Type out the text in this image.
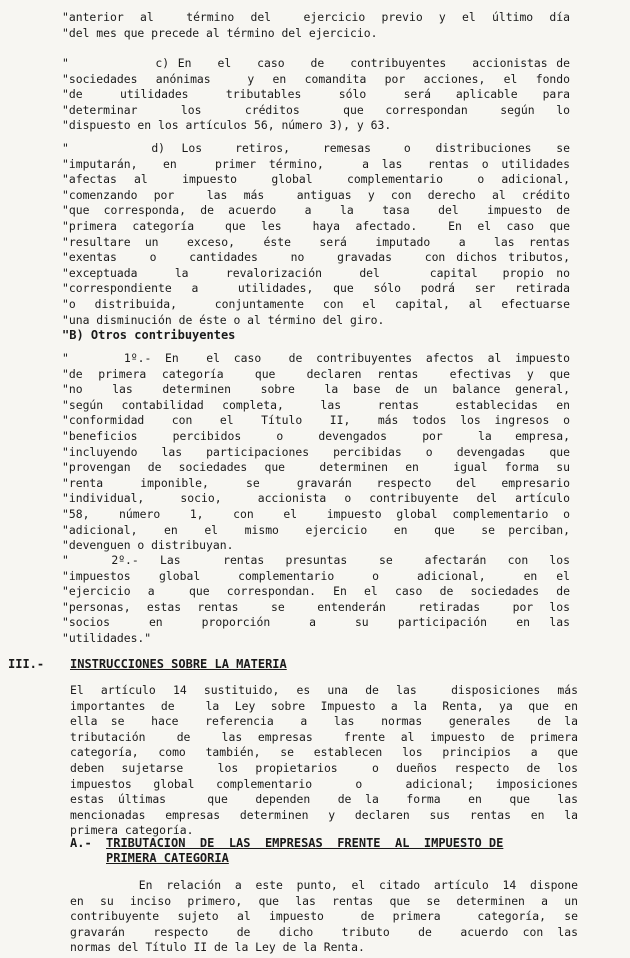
"anterior al  término del  ejercicio previo y el último día
"del mes que precede al término del ejercicio.
"          c) En   el   caso   de   contribuyentes   accionistas de
"sociedades anónimas  y en comandita por acciones, el fondo
"de   utilidades   tributables   sólo   será  aplicable  para
"determinar    los    créditos    que  correspondan   según  lo
"dispuesto en los artículos 56, número 3), y 63.
"          d)  Los    retiros,    remesas    o   distribuciones   se
"imputarán,  en   primer término,   a las  rentas o utilidades
"afectas al  impuesto  global  complementario  o adicional,
"comenzando por  las más  antiguas y con derecho al crédito
"que corresponda, de acuerdo  a  la  tasa  del  impuesto de
"primera categoría  que les  haya afectado.  En el caso que
"resultare un  exceso,  éste  será  imputado  a  las rentas
"exentas   o   cantidades   no   gravadas   con dichos tributos,
"exceptuada   la   revalorización   del    capital  propio no
"correspondiente a  utilidades, que sólo podrá ser retirada
"o distribuida,  conjuntamente con el capital, al efectuarse
"una disminución de éste o al término del giro.
"B) Otros contribuyentes
"    1º.- En  el caso  de contribuyentes afectos al impuesto
"de primera categoría  que  declaren rentas  efectivas y que
"no  las  determinen  sobre  la base de un balance general,
"según contabilidad completa,  las  rentas  establecidas en
"conformidad  con  el  Título  II,  más todos los ingresos o
"beneficios   percibidos   o   devengados   por   la  empresa,
"incluyendo las participaciones percibidas o devengadas que
"provengan de sociedades que  determinen en  igual forma su
"renta   imponible,   se   gravarán  respecto  del  empresario
"individual,  socio,  accionista o contribuyente del artículo
"58,  número  1,  con  el  impuesto global complementario o
"adicional,  en  el  mismo  ejercicio  en  que  se perciban,
"devenguen o distribuyan.
"    2º.-  Las    rentas  presuntas   se   afectarán  con  los
"impuestos   global    complementario    o    adicional,    en  el
"ejercicio a  que correspondan. En el caso de sociedades de
"personas, estas rentas  se  entenderán  retiradas  por los
"socios    en    proporción    a    su   participación   en  las
"utilidades."
III.- INSTRUCCIONES SOBRE LA MATERIA
El artículo 14 sustituido, es una de las  disposiciones más
importantes de  la Ley sobre Impuesto a la Renta, ya que en
ella se  hace  referencia  a  las  normas  generales  de la
tributación  de  las empresas  frente al impuesto de primera
categoría, como también, se establecen los principios a que
deben sujetarse  los propietarios  o dueños respecto de los
impuestos global complementario  o  adicional; imposiciones
estas últimas   que  dependen  de la  forma  en  que  las
mencionadas empresas determinen y declaren sus rentas en la
primera categoría.
A.- TRIBUTACION  DE  LAS  EMPRESAS  FRENTE  AL  IMPUESTO DE
PRIMERA CATEGORIA
En relación a este punto, el citado artículo 14 dispone
en su inciso primero, que las rentas que se determinen a un
contribuyente sujeto al impuesto  de primera  categoría, se
gravarán  respecto  de  dicho  tributo  de  acuerdo con las
normas del Título II de la Ley de la Renta.
